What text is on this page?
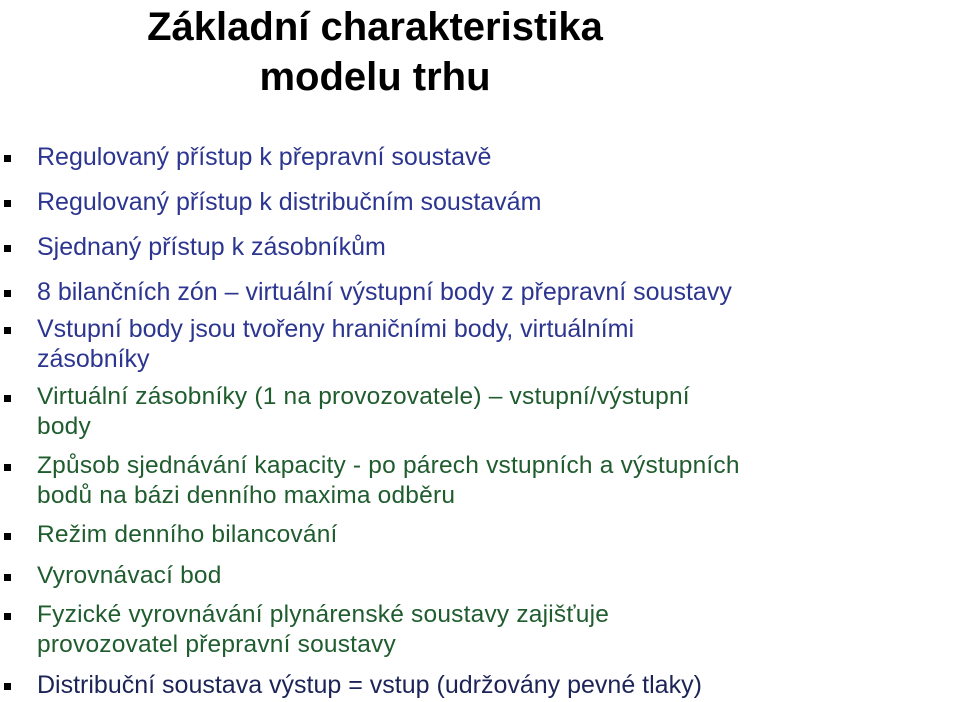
Základní charakteristika
modelu trhu
Regulovaný přístup k přepravní soustavě
Regulovaný přístup k distribučním soustavám
Sjednaný přístup k zásobníkům
8 bilančních zón – virtuální výstupní body z přepravní soustavy
Vstupní body jsou tvořeny hraničními body, virtuálními
zásobníky
Virtuální zásobníky (1 na provozovatele) – vstupní/výstupní
body
Způsob sjednávání kapacity - po párech vstupních a výstupních
bodů na bázi denního maxima odběru
Režim denního bilancování
Vyrovnávací bod
Fyzické vyrovnávání plynárenské soustavy zajišťuje
provozovatel přepravní soustavy
Distribuční soustava výstup = vstup (udržovány pevné tlaky)
